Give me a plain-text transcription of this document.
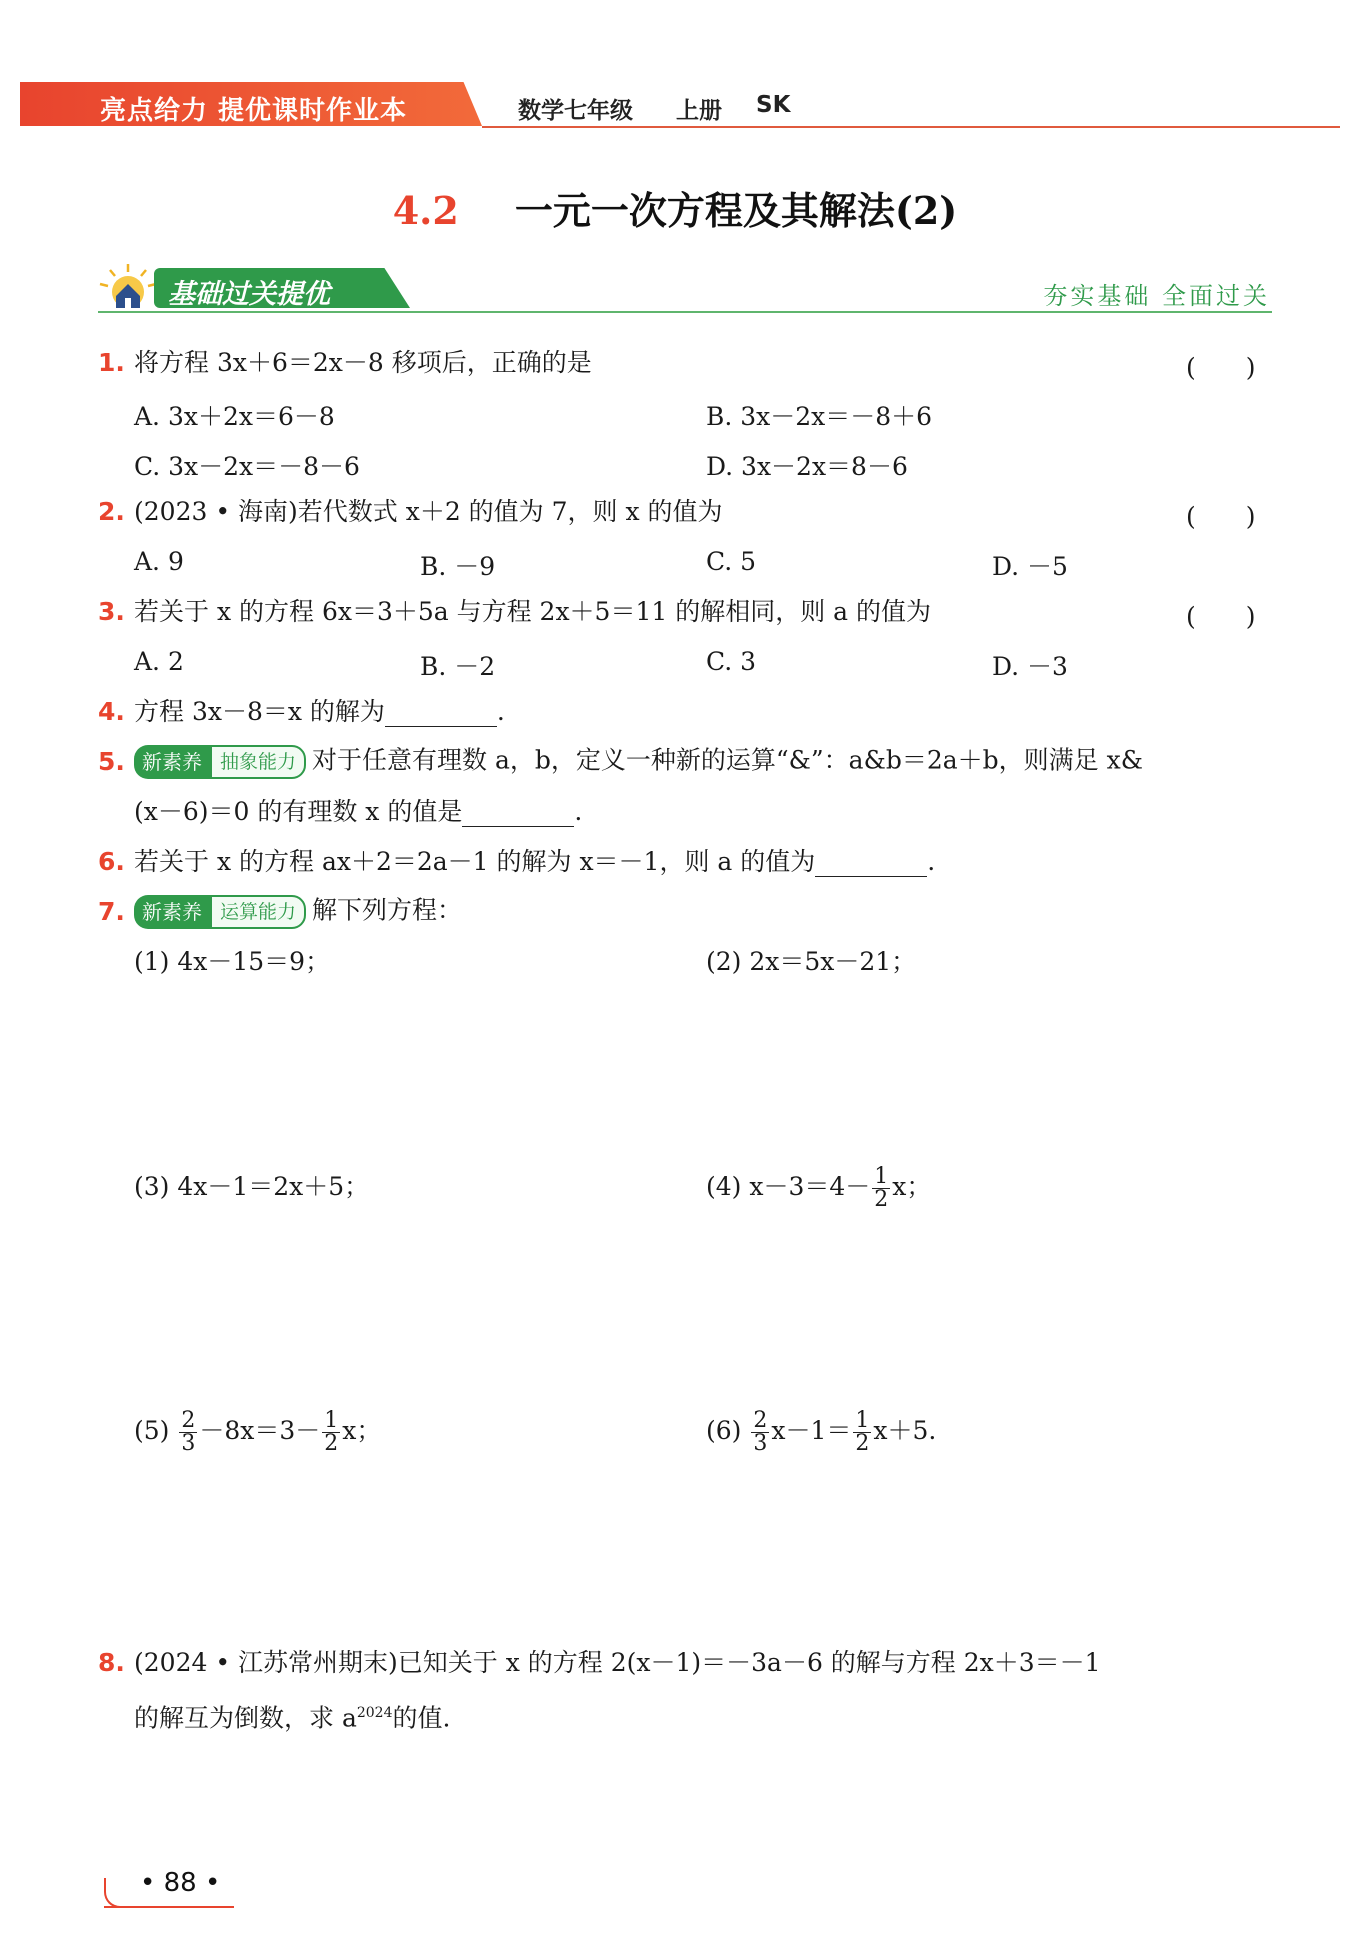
亮点给力 提优课时作业本	数学七年级 上册 SK
4.2 一元一次方程及其解法(2)
基础过关提优	夯实基础 全面过关
1. 将方程 3x＋6＝2x－8 移项后，正确的是	(　　)
A. 3x＋2x＝6－8	B. 3x－2x＝－8＋6
C. 3x－2x＝－8－6	D. 3x－2x＝8－6
2. (2023 • 海南)若代数式 x＋2 的值为 7，则 x 的值为	(　　)
A. 9	B. －9	C. 5	D. －5
3. 若关于 x 的方程 6x＝3＋5a 与方程 2x＋5＝11 的解相同，则 a 的值为	(　　)
A. 2	B. －2	C. 3	D. －3
4. 方程 3x－8＝x 的解为	.
5. 新素养 抽象能力 对于任意有理数 a，b，定义一种新的运算“&”：a&b＝2a＋b，则满足 x&
(x－6)＝0 的有理数 x 的值是	.
6. 若关于 x 的方程 ax＋2＝2a－1 的解为 x＝－1，则 a 的值为	.
7. 新素养 运算能力 解下列方程：
(1) 4x－15＝9；	(2) 2x＝5x－21；
(3) 4x－1＝2x＋5；	(4) $x-3=4- \frac{1}{2}$ x；
$(5) \frac{2}{3} -8x=3- \frac{1}{2}$ x；	$(6) \frac{2}{3} x-1= \frac{1}{2} x+5$.
8. (2024 • 江苏常州期末)已知关于 x 的方程 2(x－1)＝－3a－6 的解与方程 2x＋3＝－1
的解互为倒数，求 $a^{2024}$的值.
• 88 •
